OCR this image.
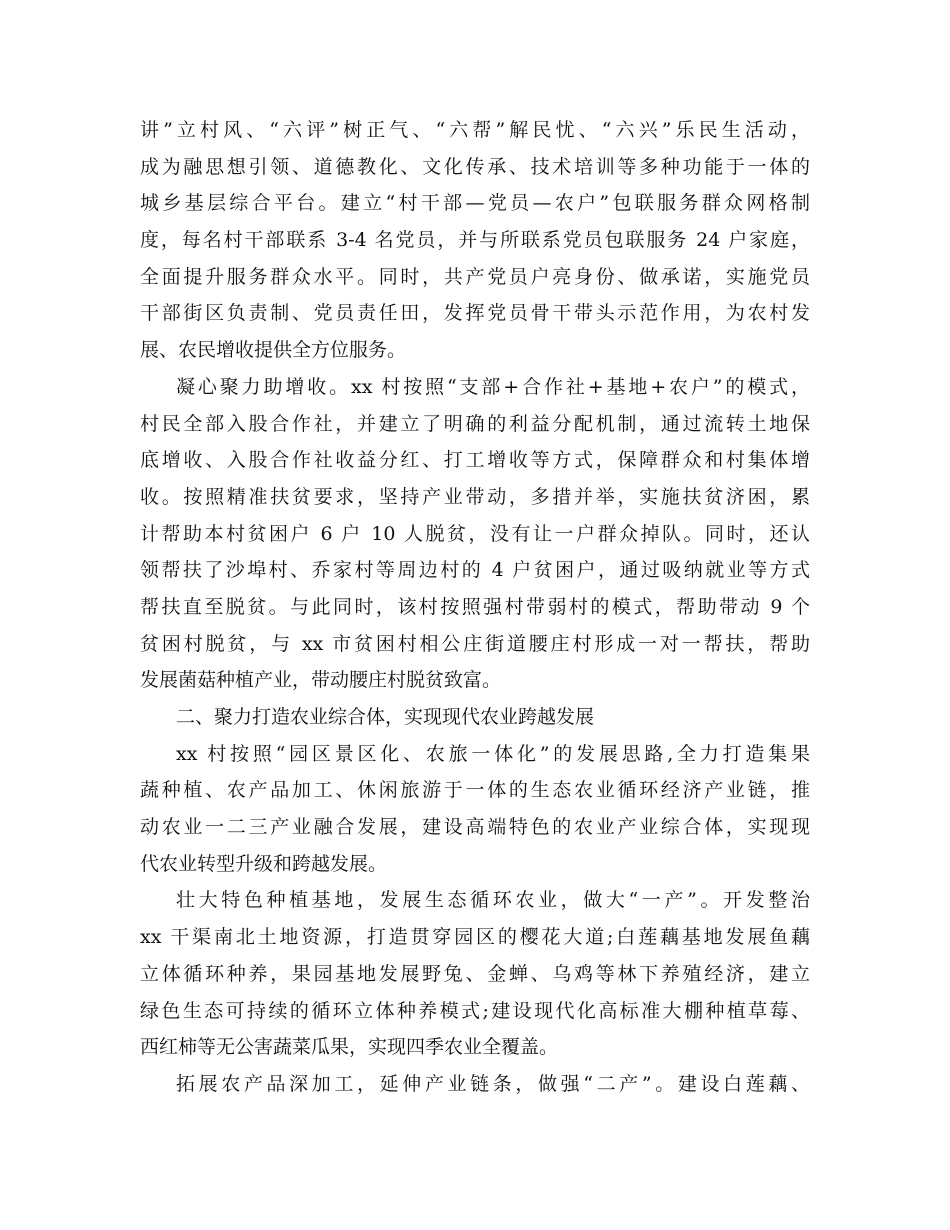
讲”立村风、“六评”树正气、“六帮”解民忧、“六兴”乐民生活动，
成为融思想引领、道德教化、文化传承、技术培训等多种功能于一体的
城乡基层综合平台。建立“村干部—党员—农户”包联服务群众网格制
度，每名村干部联系 3-4 名党员，并与所联系党员包联服务 24 户家庭，
全面提升服务群众水平。同时，共产党员户亮身份、做承诺，实施党员
干部街区负责制、党员责任田，发挥党员骨干带头示范作用，为农村发
展、农民增收提供全方位服务。
凝心聚力助增收。xx 村按照“支部+合作社+基地+农户”的模式，
村民全部入股合作社，并建立了明确的利益分配机制，通过流转土地保
底增收、入股合作社收益分红、打工增收等方式，保障群众和村集体增
收。按照精准扶贫要求，坚持产业带动，多措并举，实施扶贫济困，累
计帮助本村贫困户 6 户 10 人脱贫，没有让一户群众掉队。同时，还认
领帮扶了沙埠村、乔家村等周边村的 4 户贫困户，通过吸纳就业等方式
帮扶直至脱贫。与此同时，该村按照强村带弱村的模式，帮助带动 9 个
贫困村脱贫，与 xx 市贫困村相公庄街道腰庄村形成一对一帮扶，帮助
发展菌菇种植产业，带动腰庄村脱贫致富。
二、聚力打造农业综合体，实现现代农业跨越发展
xx 村按照“园区景区化、农旅一体化”的发展思路,全力打造集果
蔬种植、农产品加工、休闲旅游于一体的生态农业循环经济产业链，推
动农业一二三产业融合发展，建设高端特色的农业产业综合体，实现现
代农业转型升级和跨越发展。
壮大特色种植基地，发展生态循环农业，做大“一产”。开发整治
xx 干渠南北土地资源，打造贯穿园区的樱花大道;白莲藕基地发展鱼藕
立体循环种养，果园基地发展野兔、金蝉、乌鸡等林下养殖经济，建立
绿色生态可持续的循环立体种养模式;建设现代化高标准大棚种植草莓、
西红柿等无公害蔬菜瓜果，实现四季农业全覆盖。
拓展农产品深加工，延伸产业链条，做强“二产”。建设白莲藕、
